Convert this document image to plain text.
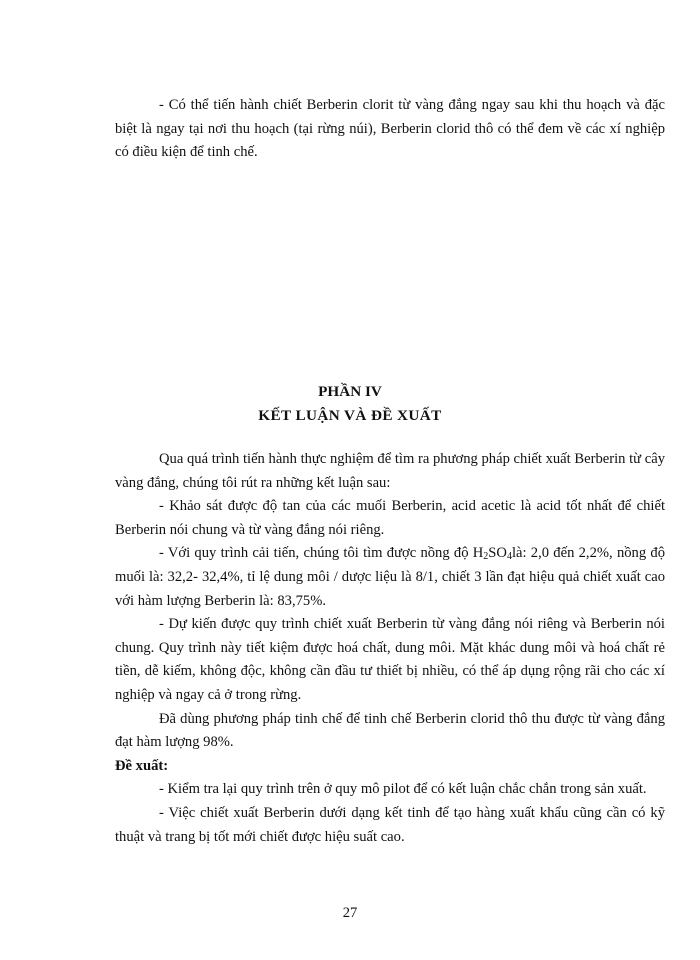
- Có thể tiến hành chiết Berberin clorit từ vàng đắng ngay sau khi thu hoạch và đặc biệt là ngay tại nơi thu hoạch (tại rừng núi), Berberin clorid thô có thể đem về các xí nghiệp có điều kiện để tinh chế.

PHẦN IV
KẾT LUẬN VÀ ĐỀ XUẤT

Qua quá trình tiến hành thực nghiệm để tìm ra phương pháp chiết xuất Berberin từ cây vàng đắng, chúng tôi rút ra những kết luận sau:

- Khảo sát được độ tan của các muối Berberin, acid acetic là acid tốt nhất để chiết Berberin nói chung và từ vàng đắng nói riêng.

- Với quy trình cải tiến, chúng tôi tìm được nồng độ $H_2SO_4là$: 2,0 đến 2,2%, nồng độ muối là: 32,2- 32,4%, tỉ lệ dung môi / dược liệu là 8/1, chiết 3 lần đạt hiệu quả chiết xuất cao với hàm lượng Berberin là: 83,75%.

- Dự kiến được quy trình chiết xuất Berberin từ vàng đắng nói riêng và Berberin nói chung. Quy trình này tiết kiệm được hoá chất, dung môi. Mặt khác dung môi và hoá chất rẻ tiền, dễ kiếm, không độc, không cần đầu tư thiết bị nhiều, có thể áp dụng rộng rãi cho các xí nghiệp và ngay cả ở trong rừng.

Đã dùng phương pháp tinh chế để tinh chế Berberin clorid thô thu được từ vàng đắng đạt hàm lượng 98%.

Đề xuất:

- Kiểm tra lại quy trình trên ở quy mô pilot để có kết luận chắc chắn trong sản xuất.

- Việc chiết xuất Berberin dưới dạng kết tinh để tạo hàng xuất khẩu cũng cần có kỹ thuật và trang bị tốt mới chiết được hiệu suất cao.

27
